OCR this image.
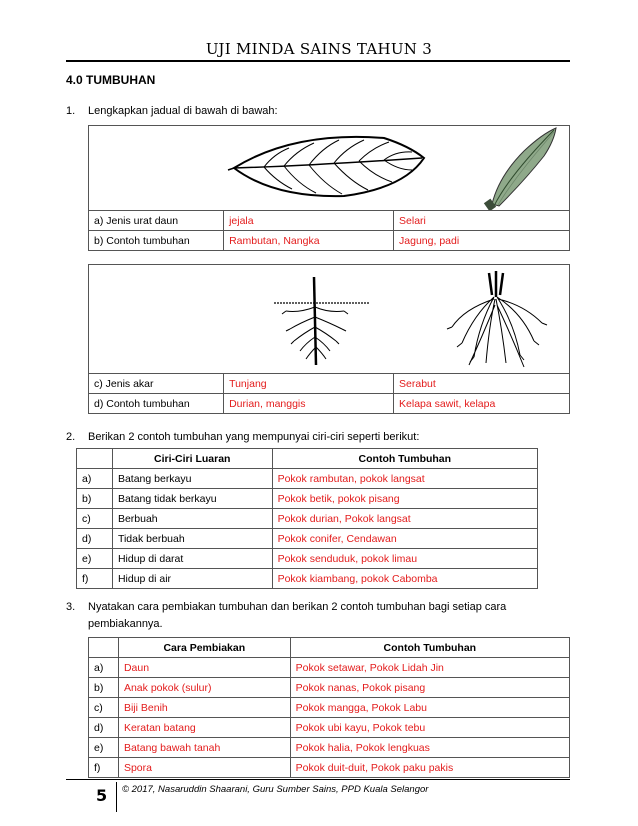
UJI MINDA SAINS TAHUN 3
4.0 TUMBUHAN
1. Lengkapkan jadual di bawah di bawah:

a) Jenis urat daun	jejala	Selari
b) Contoh tumbuhan	Rambutan, Nangka	Jagung, padi

c) Jenis akar	Tunjang	Serabut
d) Contoh tumbuhan	Durian, manggis	Kelapa sawit, kelapa
2. Berikan 2 contoh tumbuhan yang mempunyai ciri-ciri seperti berikut:
	Ciri-Ciri Luaran	Contoh Tumbuhan
a)	Batang berkayu	Pokok rambutan, pokok langsat
b)	Batang tidak berkayu	Pokok betik, pokok pisang
c)	Berbuah	Pokok durian, Pokok langsat
d)	Tidak berbuah	Pokok conifer, Cendawan
e)	Hidup di darat	Pokok senduduk, pokok limau
f)	Hidup di air	Pokok kiambang, pokok Cabomba
3. Nyatakan cara pembiakan tumbuhan dan berikan 2 contoh tumbuhan bagi setiap cara
pembiakannya.
	Cara Pembiakan	Contoh Tumbuhan
a)	Daun	Pokok setawar, Pokok Lidah Jin
b)	Anak pokok (sulur)	Pokok nanas, Pokok pisang
c)	Biji Benih	Pokok mangga, Pokok Labu
d)	Keratan batang	Pokok ubi kayu, Pokok tebu
e)	Batang bawah tanah	Pokok halia, Pokok lengkuas
f)	Spora	Pokok duit-duit, Pokok paku pakis
5 © 2017, Nasaruddin Shaarani, Guru Sumber Sains, PPD Kuala Selangor
